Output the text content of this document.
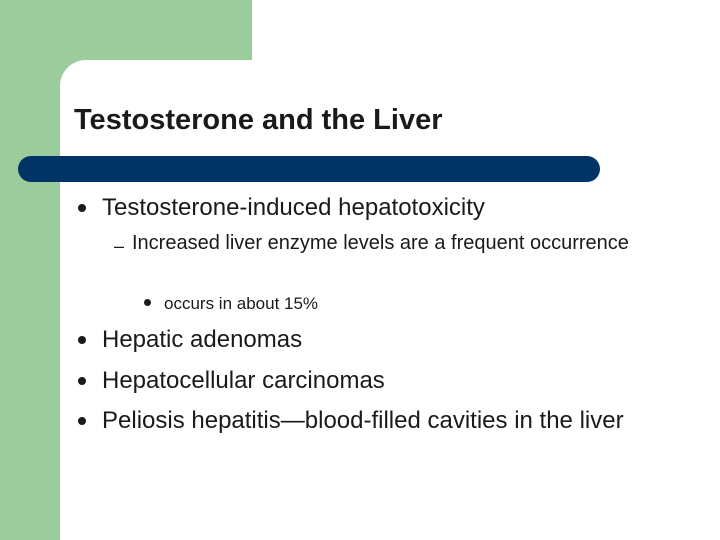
Testosterone and the Liver
Testosterone-induced hepatotoxicity
– Increased liver enzyme levels are a frequent occurrence
occurs in about 15%
Hepatic adenomas
Hepatocellular carcinomas
Peliosis hepatitis—blood-filled cavities in the liver
